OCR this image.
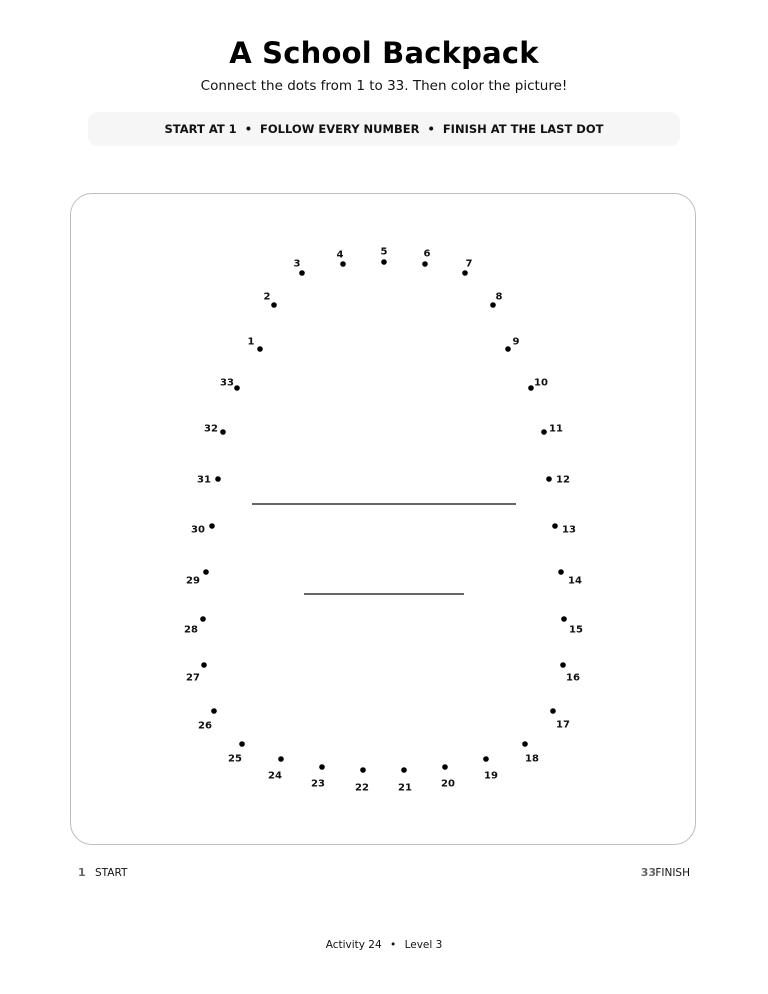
A School Backpack
Connect the dots from 1 to 33. Then color the picture!
START AT 1 • FOLLOW EVERY NUMBER • FINISH AT THE LAST DOT
1
2
3
4	5	6
7
8
9
10
11
12
13
14
15
16
17
18
19
20
21
22
23
24
25
26
27
28
29
30
31
32
33
1 START	33 FINISH
Activity 24 • Level 3
